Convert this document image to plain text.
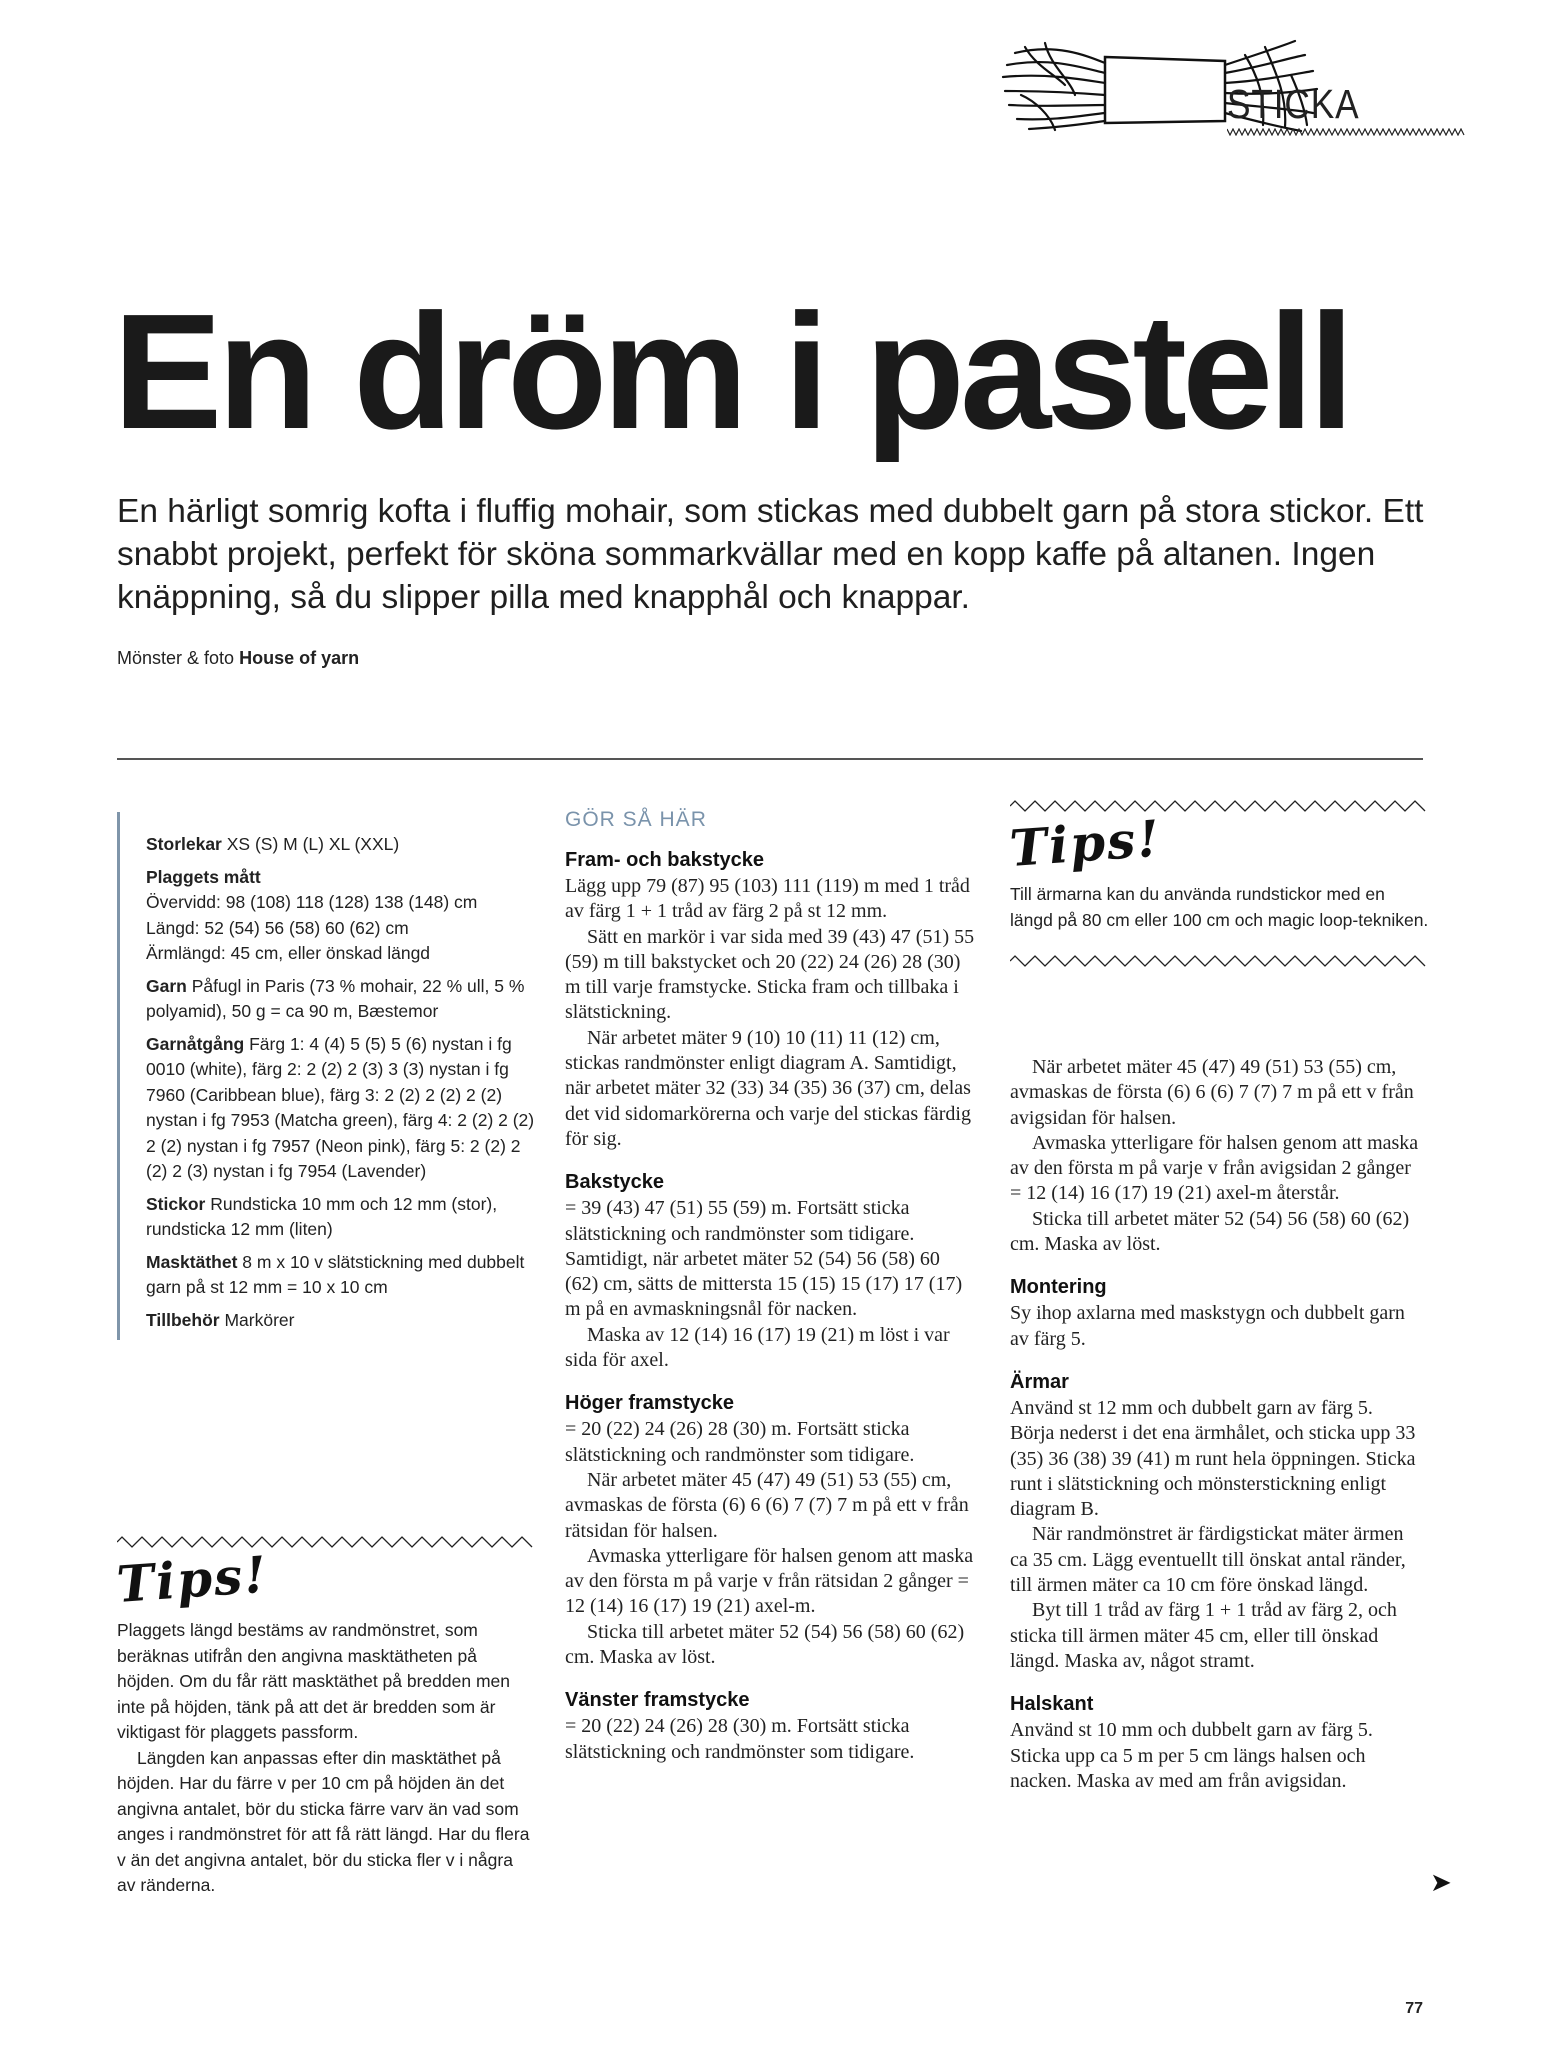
STICKA
En dröm i pastell

En härligt somrig kofta i fluffig mohair, som stickas med dubbelt garn på stora stickor. Ett snabbt projekt, perfekt för sköna sommarkvällar med en kopp kaffe på altanen. Ingen knäppning, så du slipper pilla med knapphål och knappar.

Mönster & foto House of yarn

Storlekar XS (S) M (L) XL (XXL)

Plaggets mått
Övervidd: 98 (108) 118 (128) 138 (148) cm
Längd: 52 (54) 56 (58) 60 (62) cm
Ärmlängd: 45 cm, eller önskad längd

Garn Påfugl in Paris (73 % mohair, 22 % ull, 5 % polyamid), 50 g = ca 90 m, Bæstemor

Garnåtgång Färg 1: 4 (4) 5 (5) 5 (6) nystan i fg 0010 (white), färg 2: 2 (2) 2 (3) 3 (3) nystan i fg 7960 (Caribbean blue), färg 3: 2 (2) 2 (2) 2 (2) nystan i fg 7953 (Matcha green), färg 4: 2 (2) 2 (2) 2 (2) nystan i fg 7957 (Neon pink), färg 5: 2 (2) 2 (2) 2 (3) nystan i fg 7954 (Lavender)

Stickor Rundsticka 10 mm och 12 mm (stor), rundsticka 12 mm (liten)

Masktäthet 8 m x 10 v slätstickning med dubbelt garn på st 12 mm = 10 x 10 cm

Tillbehör Markörer

Tips!

Plaggets längd bestäms av randmönstret, som beräknas utifrån den angivna masktätheten på höjden. Om du får rätt masktäthet på bredden men inte på höjden, tänk på att det är bredden som är viktigast för plaggets passform.

Längden kan anpassas efter din masktäthet på höjden. Har du färre v per 10 cm på höjden än det angivna antalet, bör du sticka färre varv än vad som anges i randmönstret för att få rätt längd. Har du flera v än det angivna antalet, bör du sticka fler v i några av ränderna.

Tips!

Till ärmarna kan du använda rundstickor med en längd på 80 cm eller 100 cm och magic loop-tekniken.

GÖR SÅ HÄR
Fram- och bakstycke

Lägg upp 79 (87) 95 (103) 111 (119) m med 1 tråd av färg 1 + 1 tråd av färg 2 på st 12 mm.

Sätt en markör i var sida med 39 (43) 47 (51) 55 (59) m till bakstycket och 20 (22) 24 (26) 28 (30) m till varje framstycke. Sticka fram och tillbaka i slätstickning.

När arbetet mäter 9 (10) 10 (11) 11 (12) cm, stickas randmönster enligt diagram A. Samtidigt, när arbetet mäter 32 (33) 34 (35) 36 (37) cm, delas det vid sidomarkörerna och varje del stickas färdig för sig.

Bakstycke

= 39 (43) 47 (51) 55 (59) m. Fortsätt sticka slätstickning och randmönster som tidigare. Samtidigt, när arbetet mäter 52 (54) 56 (58) 60 (62) cm, sätts de mittersta 15 (15) 15 (17) 17 (17) m på en avmaskningsnål för nacken.

Maska av 12 (14) 16 (17) 19 (21) m löst i var sida för axel.

Höger framstycke

= 20 (22) 24 (26) 28 (30) m. Fortsätt sticka slätstickning och randmönster som tidigare.

När arbetet mäter 45 (47) 49 (51) 53 (55) cm, avmaskas de första (6) 6 (6) 7 (7) 7 m på ett v från rätsidan för halsen.

Avmaska ytterligare för halsen genom att maska av den första m på varje v från rätsidan 2 gånger = 12 (14) 16 (17) 19 (21) axel-m.

Sticka till arbetet mäter 52 (54) 56 (58) 60 (62) cm. Maska av löst.

Vänster framstycke

= 20 (22) 24 (26) 28 (30) m. Fortsätt sticka slätstickning och randmönster som tidigare.

När arbetet mäter 45 (47) 49 (51) 53 (55) cm, avmaskas de första (6) 6 (6) 7 (7) 7 m på ett v från avigsidan för halsen.

Avmaska ytterligare för halsen genom att maska av den första m på varje v från avigsidan 2 gånger = 12 (14) 16 (17) 19 (21) axel-m återstår.

Sticka till arbetet mäter 52 (54) 56 (58) 60 (62) cm. Maska av löst.

Montering

Sy ihop axlarna med maskstygn och dubbelt garn av färg 5.

Ärmar

Använd st 12 mm och dubbelt garn av färg 5. Börja nederst i det ena ärmhålet, och sticka upp 33 (35) 36 (38) 39 (41) m runt hela öppningen. Sticka runt i slätstickning och mönsterstickning enligt diagram B.

När randmönstret är färdigstickat mäter ärmen ca 35 cm. Lägg eventuellt till önskat antal ränder, till ärmen mäter ca 10 cm före önskad längd.

Byt till 1 tråd av färg 1 + 1 tråd av färg 2, och sticka till ärmen mäter 45 cm, eller till önskad längd. Maska av, något stramt.

Halskant

Använd st 10 mm och dubbelt garn av färg 5. Sticka upp ca 5 m per 5 cm längs halsen och nacken. Maska av med am från avigsidan.

➤
77
